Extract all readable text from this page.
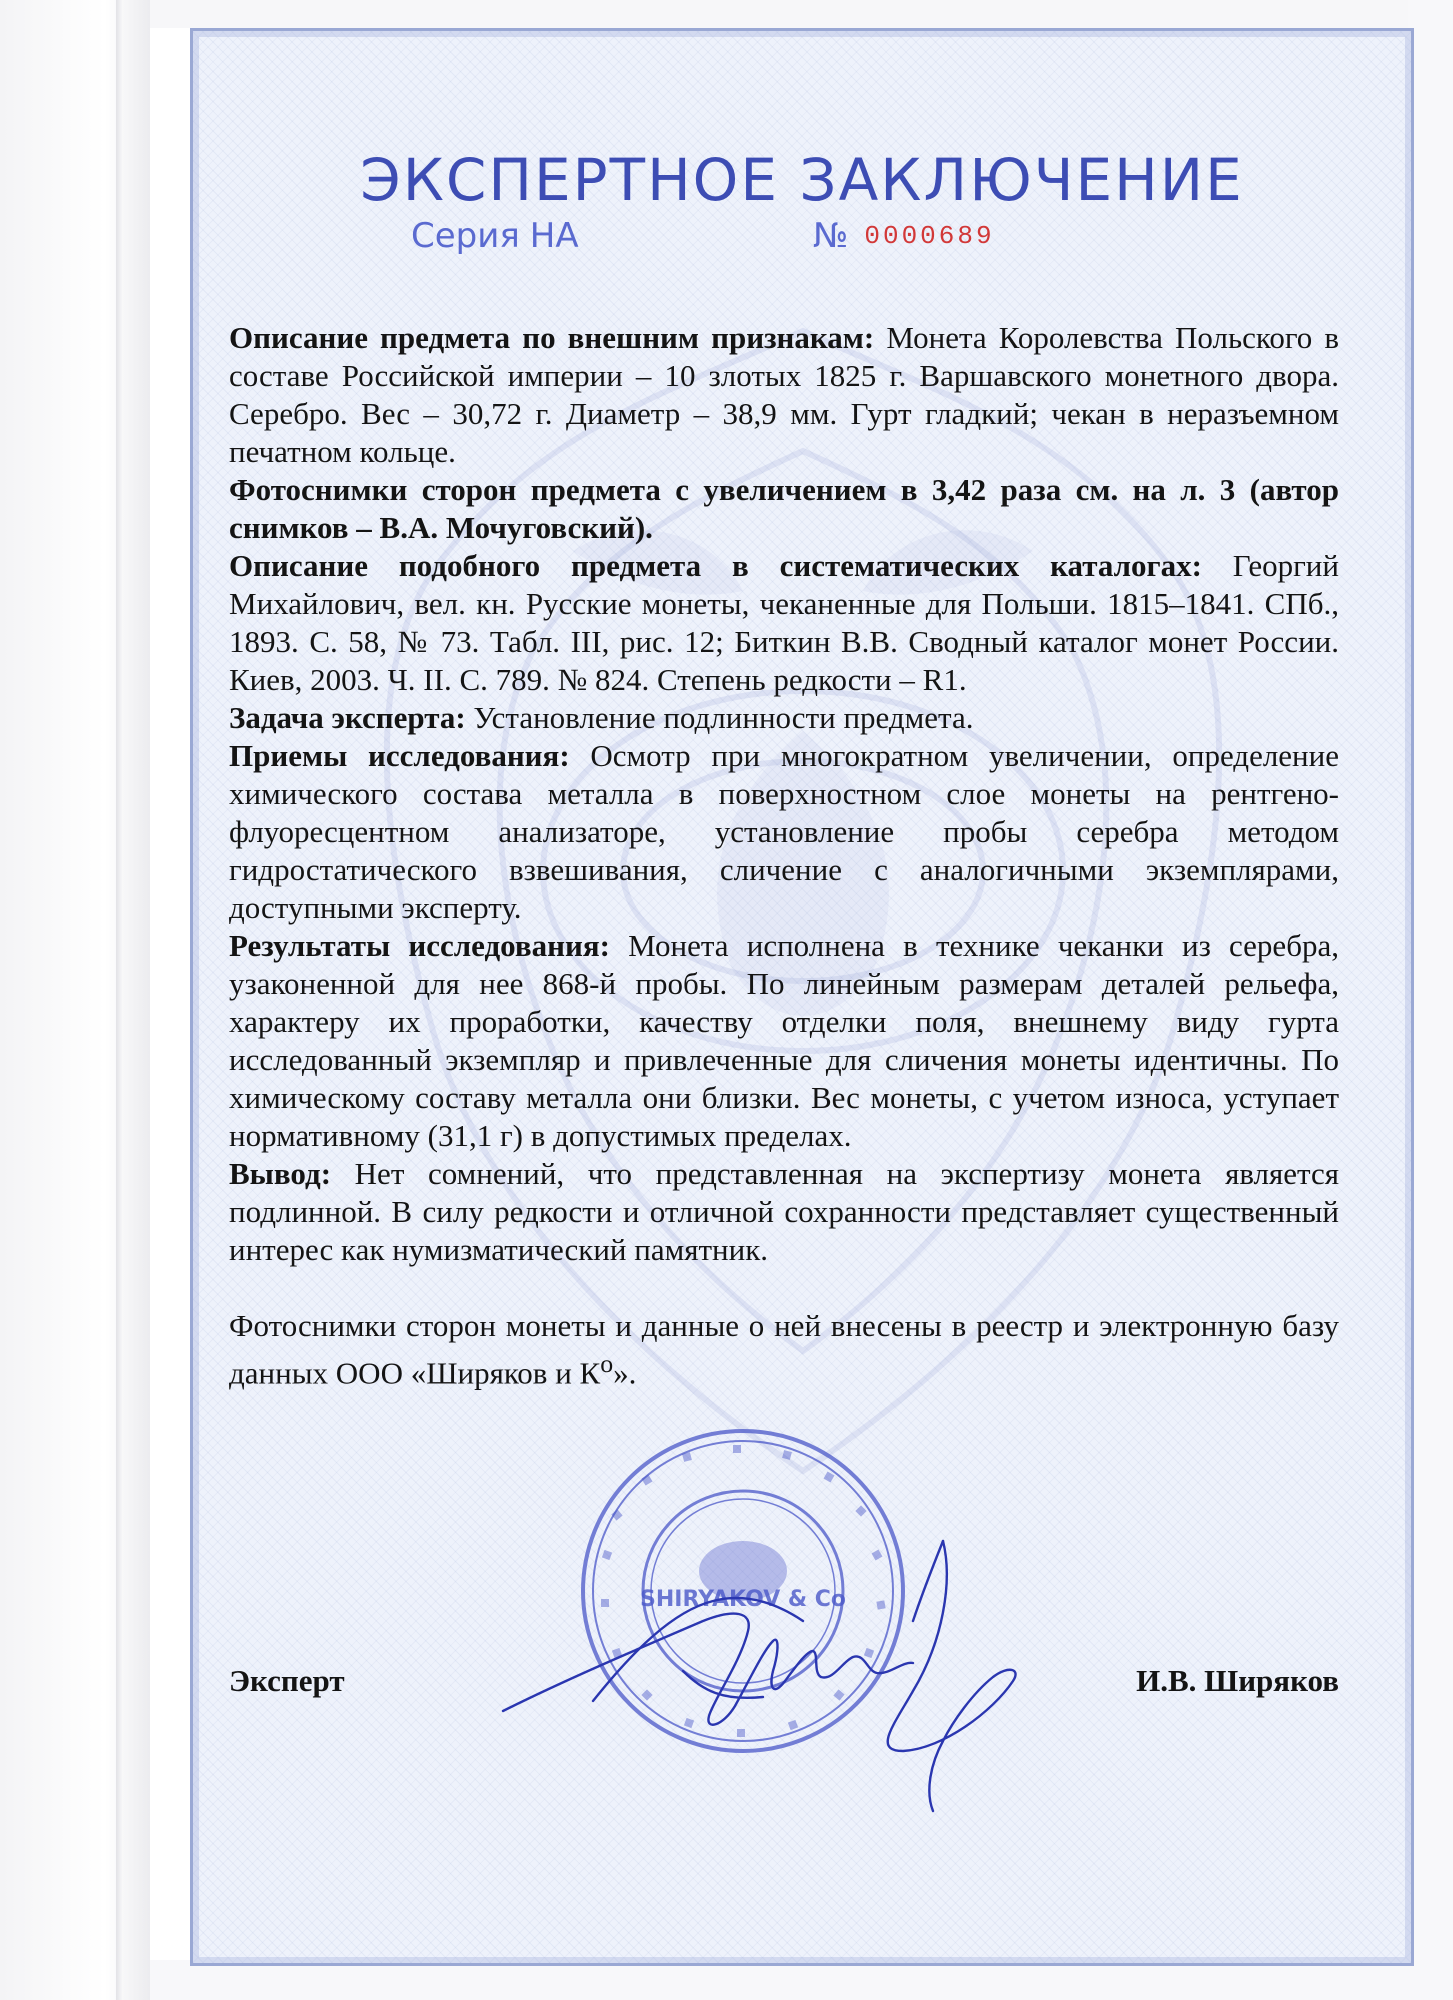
ЭКСПЕРТНОЕ ЗАКЛЮЧЕНИЕ
Серия НА	№ 0000689

Описание предмета по внешним признакам: Монета Королевства Польского в составе Российской империи – 10 злотых 1825 г. Варшавского монетного двора. Серебро. Вес – 30,72 г. Диаметр – 38,9 мм. Гурт гладкий; чекан в неразъемном печатном кольце.

Фотоснимки сторон предмета с увеличением в 3,42 раза см. на л. 3 (автор снимков – В.А. Мочуговский).

Описание подобного предмета в систематических каталогах: Георгий Михайлович, вел. кн. Русские монеты, чеканенные для Польши. 1815–1841. СПб., 1893. С. 58, № 73. Табл. III, рис. 12; Биткин В.В. Сводный каталог монет России. Киев, 2003. Ч. II. С. 789. № 824. Степень редкости – R1.

Задача эксперта: Установление подлинности предмета.

Приемы исследования: Осмотр при многократном увеличении, определение химического состава металла в поверхностном слое монеты на рентгено-флуоресцентном анализаторе, установление пробы серебра методом гидростатического взвешивания, сличение с аналогичными экземплярами, доступными эксперту.

Результаты исследования: Монета исполнена в технике чеканки из серебра, узаконенной для нее 868-й пробы. По линейным размерам деталей рельефа, характеру их проработки, качеству отделки поля, внешнему виду гурта исследованный экземпляр и привлеченные для сличения монеты идентичны. По химическому составу металла они близки. Вес монеты, с учетом износа, уступает нормативному (31,1 г) в допустимых пределах.

Вывод: Нет сомнений, что представленная на экспертизу монета является подлинной. В силу редкости и отличной сохранности представляет существенный интерес как нумизматический памятник.

Фотоснимки сторон монеты и данные о ней внесены в реестр и электронную базу данных ООО «Ширяков и $К^о$».

SHIRYAKOV & Co
Эксперт	И.В. Ширяков
